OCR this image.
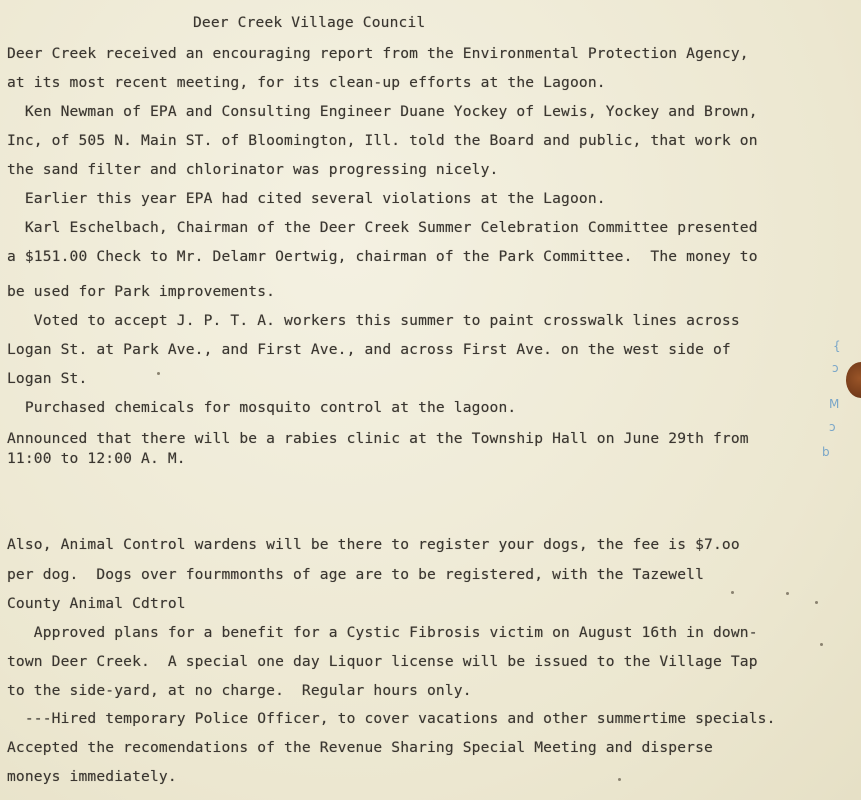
Deer Creek Village Council
Deer Creek received an encouraging report from the Environmental Protection Agency,
at its most recent meeting, for its clean-up efforts at the Lagoon.
Ken Newman of EPA and Consulting Engineer Duane Yockey of Lewis, Yockey and Brown,
Inc, of 505 N. Main ST. of Bloomington, Ill. told the Board and public, that work on
the sand filter and chlorinator was progressing nicely.
Earlier this year EPA had cited several violations at the Lagoon.
Karl Eschelbach, Chairman of the Deer Creek Summer Celebration Committee presented
a $151.00 Check to Mr. Delamr Oertwig, chairman of the Park Committee.  The money to
be used for Park improvements.
Voted to accept J. P. T. A. workers this summer to paint crosswalk lines across
Logan St. at Park Ave., and First Ave., and across First Ave. on the west side of
Logan St.
Purchased chemicals for mosquito control at the lagoon.
Announced that there will be a rabies clinic at the Township Hall on June 29th from
11:00 to 12:00 A. M.
Also, Animal Control wardens will be there to register your dogs, the fee is $7.oo
per dog.  Dogs over fourmmonths of age are to be registered, with the Tazewell
County Animal Cdtrol
Approved plans for a benefit for a Cystic Fibrosis victim on August 16th in down-
town Deer Creek.  A special one day Liquor license will be issued to the Village Tap
to the side-yard, at no charge.  Regular hours only.
---Hired temporary Police Officer, to cover vacations and other summertime specials.
Accepted the recomendations of the Revenue Sharing Special Meeting and disperse
moneys immediately.
{
ↄ
M
ↄ
b
